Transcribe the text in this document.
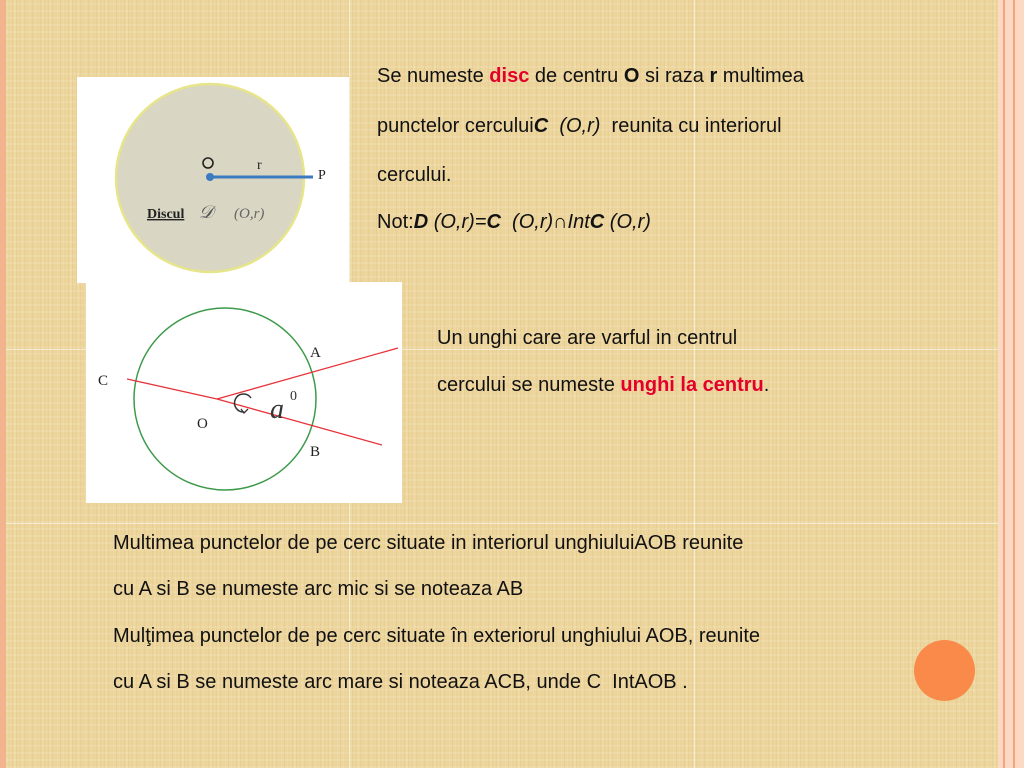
r
P
Discul 𝒟 (O,r)
A
B
C
O a 0
Se numeste disc de centru O si raza r multimea
punctelor cerculuiC  (O,r)  reunita cu interiorul
cercului.
Not:D (O,r)=C  (O,r)∩IntC (O,r)
Un unghi care are varful in centrul
cercului se numeste unghi la centru.
Multimea punctelor de pe cerc situate in interiorul unghiuluiAOB reunite
cu A si B se numeste arc mic si se noteaza AB
Mulţimea punctelor de pe cerc situate în exteriorul unghiului AOB, reunite
cu A si B se numeste arc mare si noteaza ACB, unde C  IntAOB .
